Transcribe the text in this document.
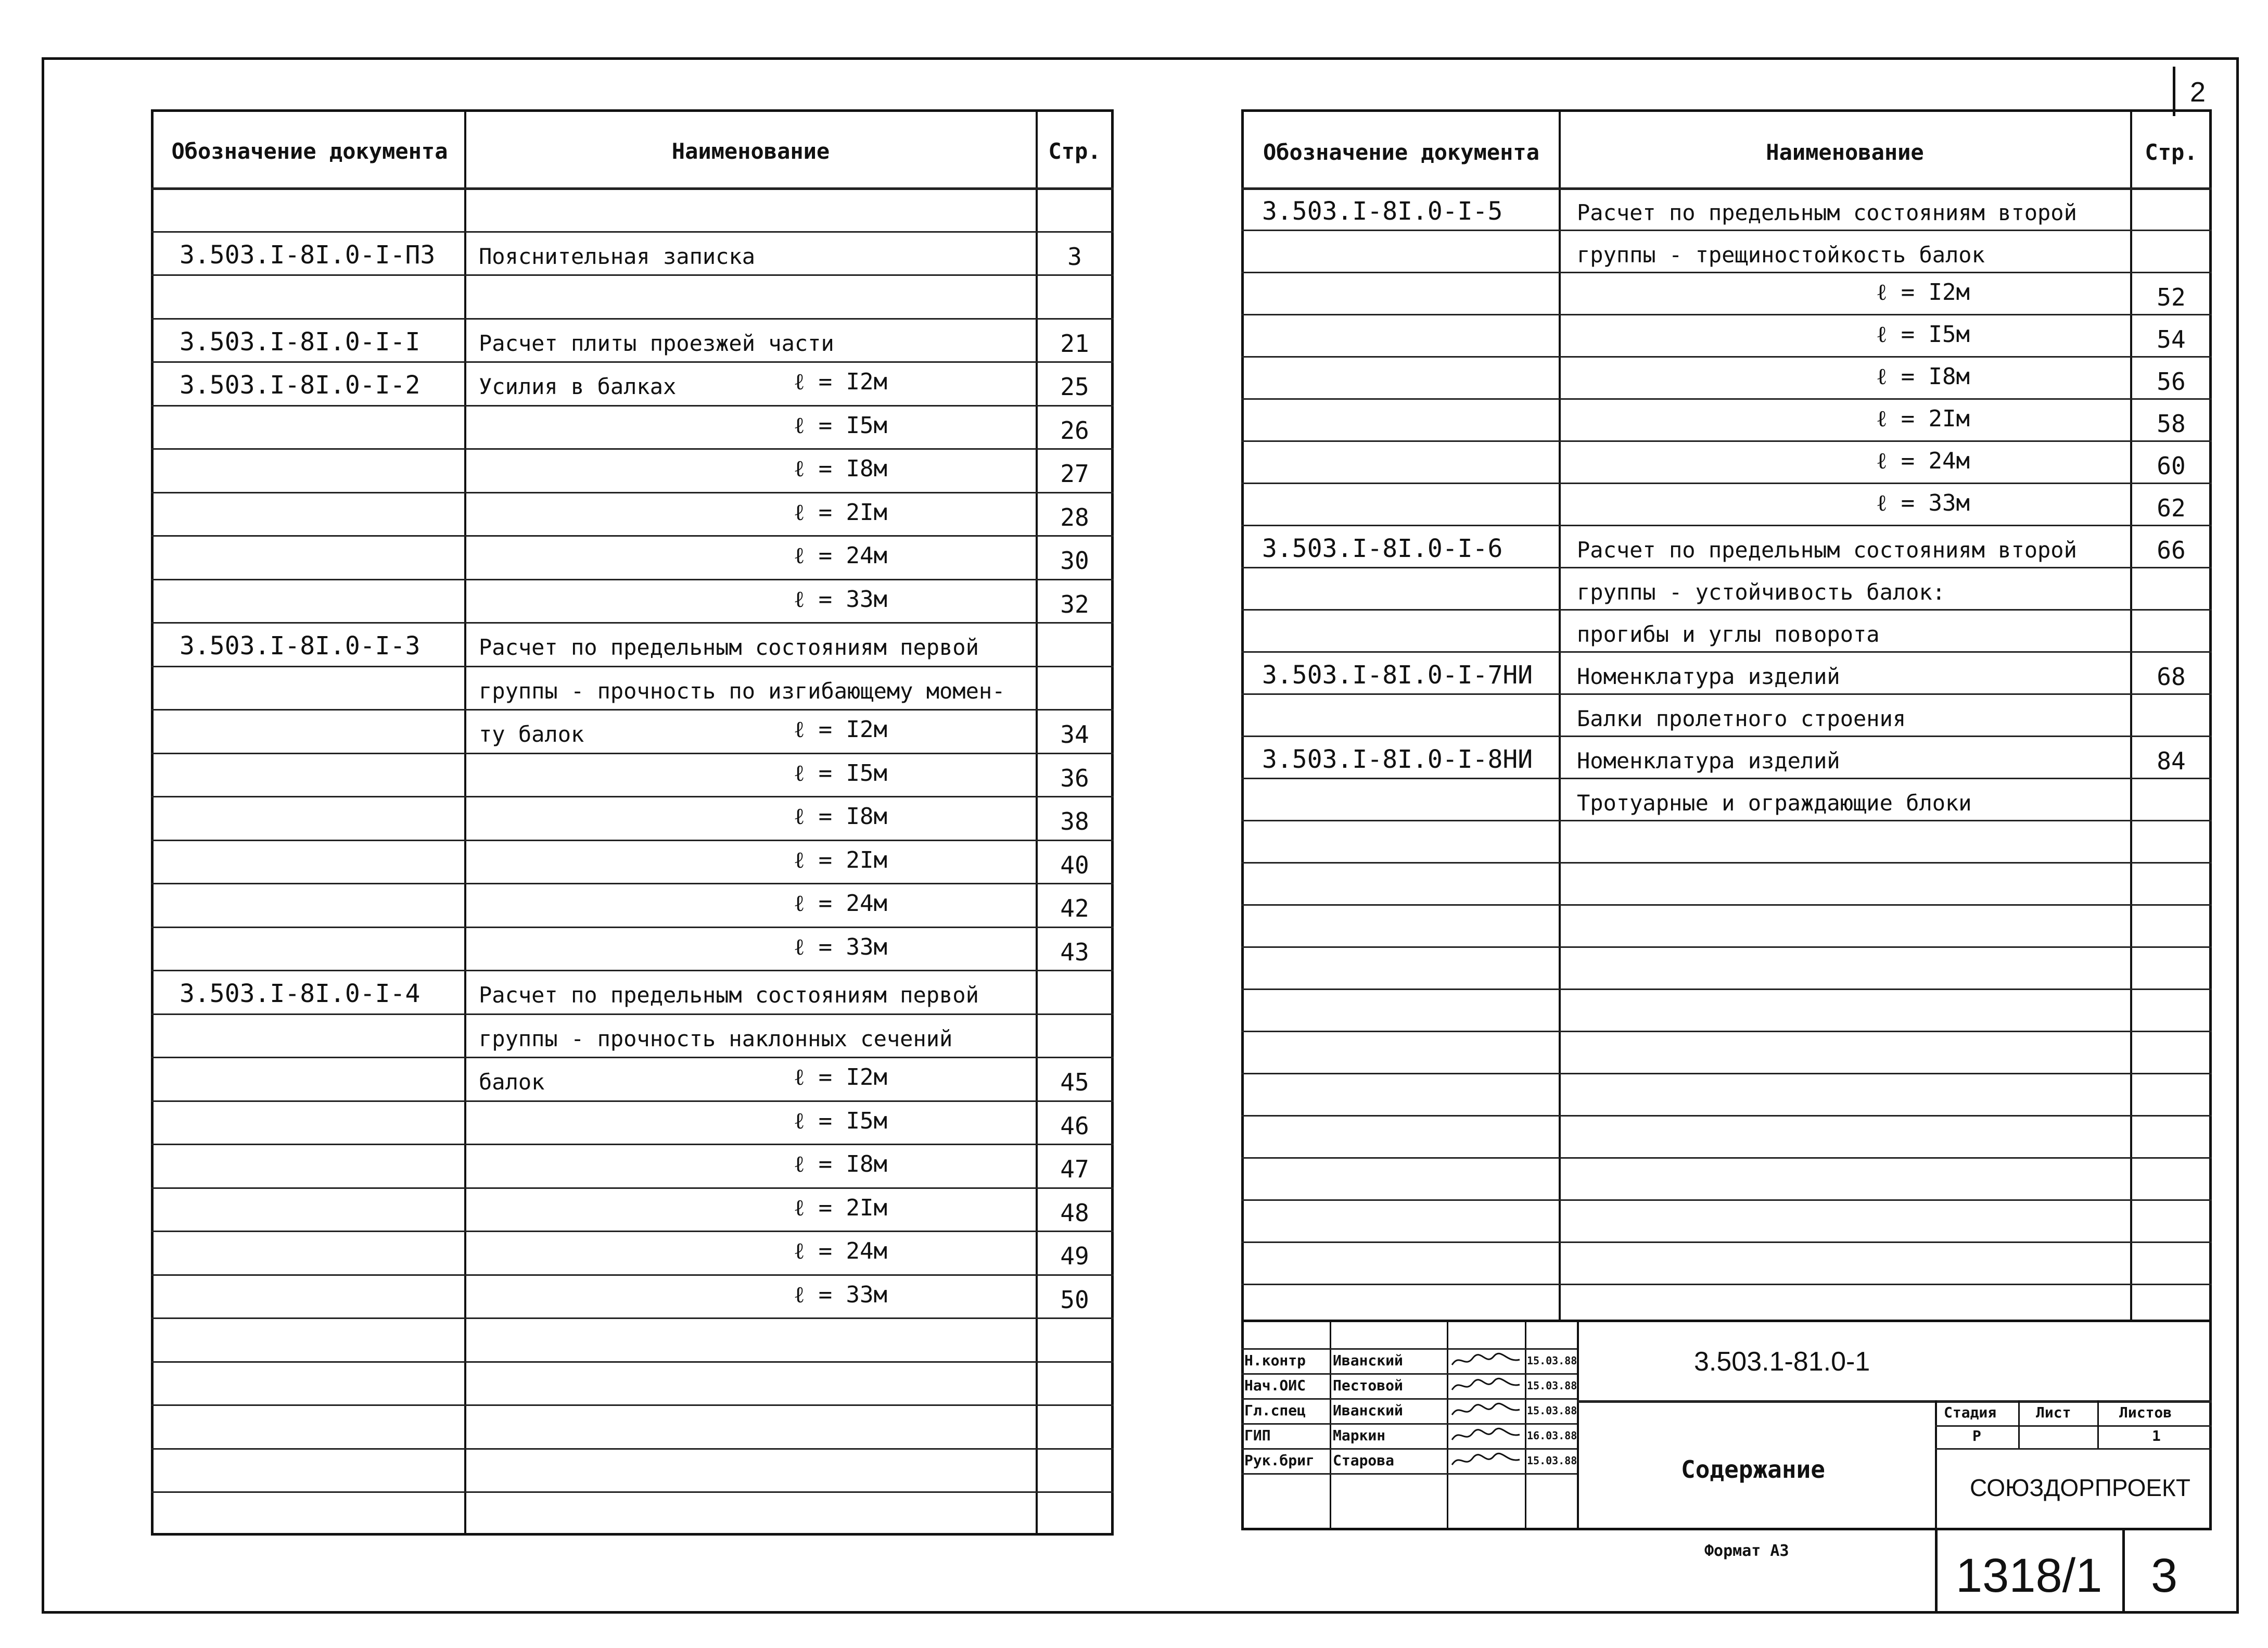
2
Обозначение документа	Наименование	Стр.
3.503.I-8I.0-I-ПЗ Пояснительная записка	3
3.503.I-8I.0-I-I	Расчет плиты проезжей части	21
3.503.I-8I.0-I-2	Усилия в балках	ℓ = I2м	25
ℓ = I5м	26
ℓ = I8м	27
ℓ = 2Iм	28
ℓ = 24м	30
ℓ = 33м	32
3.503.I-8I.0-I-3	Расчет по предельным состояниям первой
группы - прочность по изгибающему момен-
ту балок	ℓ = I2м	34
ℓ = I5м	36
ℓ = I8м	38
ℓ = 2Iм	40
ℓ = 24м	42
ℓ = 33м	43
3.503.I-8I.0-I-4	Расчет по предельным состояниям первой
группы - прочность наклонных сечений
балок	ℓ = I2м	45
ℓ = I5м	46
ℓ = I8м	47
ℓ = 2Iм	48
ℓ = 24м	49
ℓ = 33м	50
Обозначение документа	Наименование	Стр.
3.503.I-8I.0-I-5	Расчет по предельным состояниям второй
группы - трещиностойкость балок
ℓ = I2м	52
ℓ = I5м	54
ℓ = I8м	56
ℓ = 2Iм	58
ℓ = 24м	60
ℓ = 33м	62
3.503.I-8I.0-I-6	Расчет по предельным состояниям второй	66
группы - устойчивость балок:
прогибы и углы поворота
3.503.I-8I.0-I-7НИ Номенклатура изделий	68
Балки пролетного строения
3.503.I-8I.0-I-8НИ Номенклатура изделий	84
Тротуарные и ограждающие блоки
3.503.1-81.0-1
Содержание
Стадия	Лист	Листов
Р	1
СОЮЗДОРПРОЕКТ
Н.контр Иванский	15.03.88
Нач.ОИС Пестовой	15.03.88
Гл.спец Иванский	15.03.88
ГИП	Маркин	16.03.88
Рук.бриг Старова	15.03.88
Формат А3	1318/1 3
